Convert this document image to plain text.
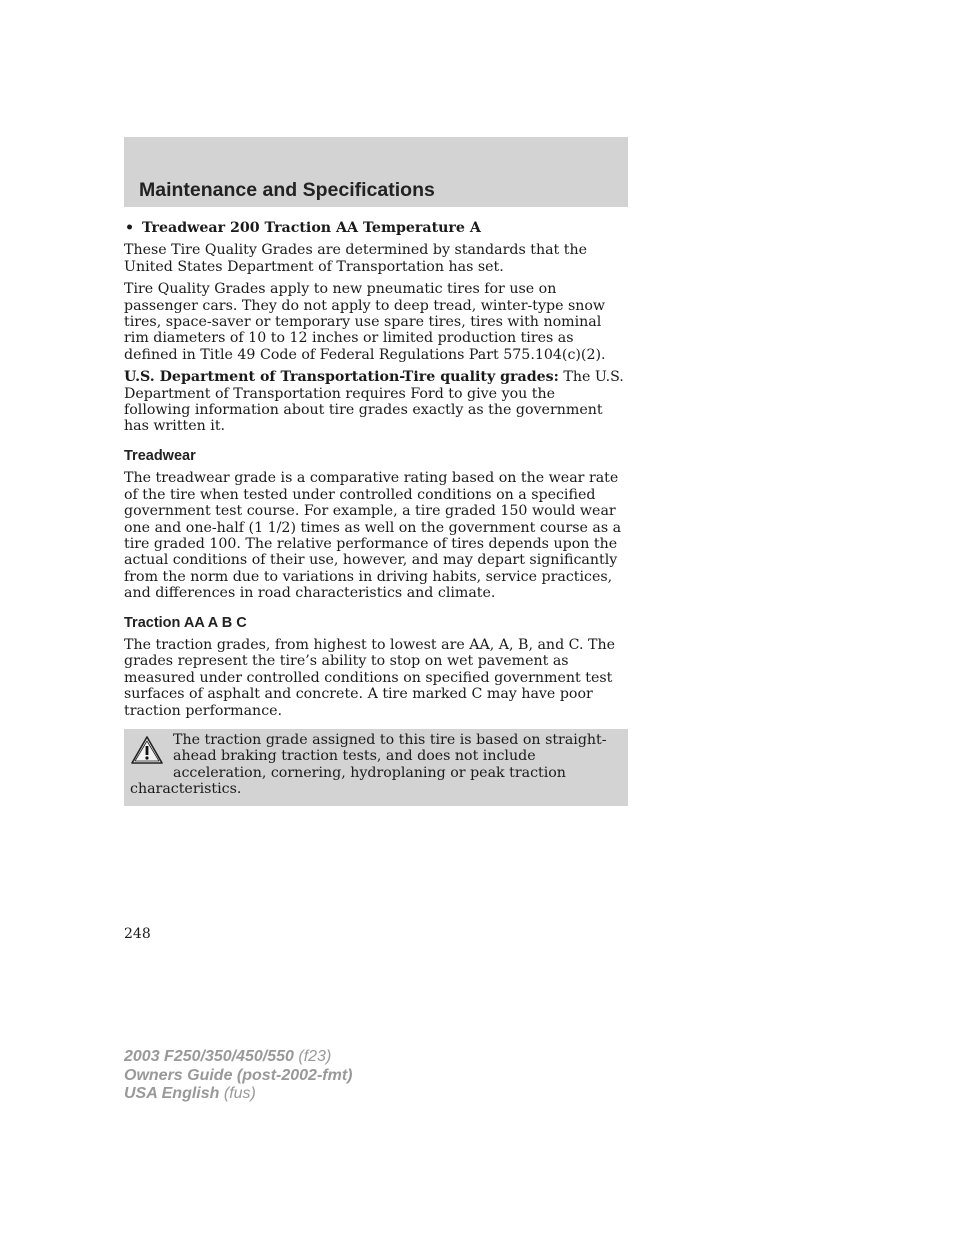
Maintenance and Specifications
• Treadwear 200 Traction AA Temperature A

These Tire Quality Grades are determined by standards that the United States Department of Transportation has set.

Tire Quality Grades apply to new pneumatic tires for use on passenger cars. They do not apply to deep tread, winter-type snow tires, space-saver or temporary use spare tires, tires with nominal rim diameters of 10 to 12 inches or limited production tires as defined in Title 49 Code of Federal Regulations Part 575.104(c)(2).

U.S. Department of Transportation-Tire quality grades: The U.S. Department of Transportation requires Ford to give you the following information about tire grades exactly as the government has written it.

Treadwear

The treadwear grade is a comparative rating based on the wear rate of the tire when tested under controlled conditions on a specified government test course. For example, a tire graded 150 would wear one and one-half (1 1/2) times as well on the government course as a tire graded 100. The relative performance of tires depends upon the actual conditions of their use, however, and may depart significantly from the norm due to variations in driving habits, service practices, and differences in road characteristics and climate.

Traction AA A B C

The traction grades, from highest to lowest are AA, A, B, and C. The grades represent the tire’s ability to stop on wet pavement as measured under controlled conditions on specified government test surfaces of asphalt and concrete. A tire marked C may have poor traction performance.

The traction grade assigned to this tire is based on straight-ahead braking traction tests, and does not include acceleration, cornering, hydroplaning or peak traction characteristics.
248
2003 F250/350/450/550 (f23)
Owners Guide (post-2002-fmt)
USA English (fus)
